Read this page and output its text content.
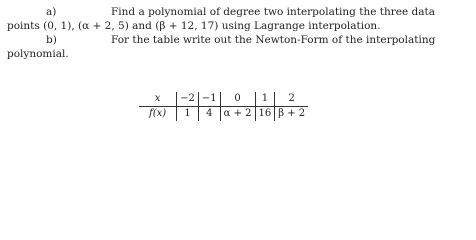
a)	Find a polynomial of degree two interpolating the three data
points (0, 1), (α + 2, 5) and (β + 12, 17) using Lagrange interpolation.
b)	For the table write out the Newton-Form of the interpolating
polynomial.
x	−2	−1	0	1	2
f(x)	1	4	α + 2	16	β + 2
